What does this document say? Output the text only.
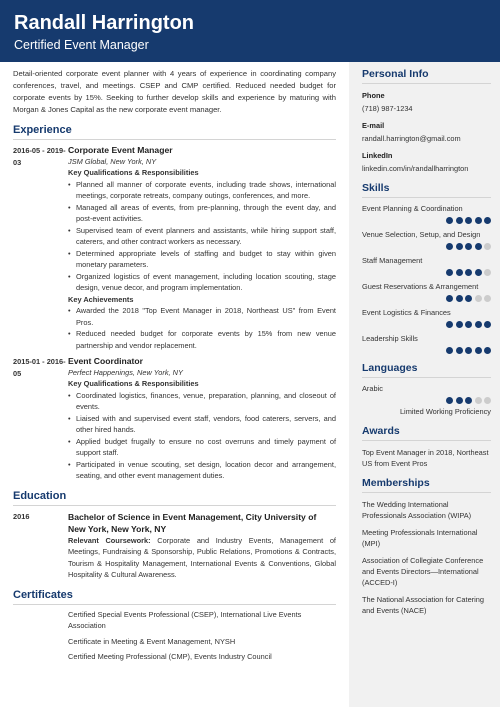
Randall Harrington
Certified Event Manager

Detail-oriented corporate event planner with 4 years of experience in coordinating company conferences, travel, and meetings. CSEP and CMP certified. Reduced needed budget for corporate events by 15%. Seeking to further develop skills and experience by maturing with Morgan & Jones Capital as the new corporate event manager.

Experience
2016-05 - 2019-03
Corporate Event Manager
JSM Global, New York, NY
Key Qualifications & Responsibilities
• Planned all manner of corporate events, including trade shows, international meetings, corporate retreats, company outings, conferences, and more.
• Managed all areas of events, from pre-planning, through the event day, and post-event activities.
• Supervised team of event planners and assistants, while hiring support staff, caterers, and other contract workers as necessary.
• Determined appropriate levels of staffing and budget to stay within given monetary parameters.
• Organized logistics of event management, including location scouting, stage design, venue decor, and program implementation.
Key Achievements
• Awarded the 2018 "Top Event Manager in 2018, Northeast US" from Event Pros.
• Reduced needed budget for corporate events by 15% from new venue partnership and vendor replacement.
2015-01 - 2016-05
Event Coordinator
Perfect Happenings, New York, NY
Key Qualifications & Responsibilities
• Coordinated logistics, finances, venue, preparation, planning, and closeout of events.
• Liaised with and supervised event staff, vendors, food caterers, servers, and other hired hands.
• Applied budget frugally to ensure no cost overruns and timely payment of support staff.
• Participated in venue scouting, set design, location decor and arrangement, seating, and other event management duties.
Education
2016	Bachelor of Science in Event Management, City University of New York, New York, NY
Relevant Coursework: Corporate and Industry Events, Management of Meetings, Fundraising & Sponsorship, Public Relations, Promotions & Contracts, Tourism & Hospitality Management, International Events & Conventions, Global Hospitality & Cultural Awareness.
Certificates
Certified Special Events Professional (CSEP), International Live Events Association
Certificate in Meeting & Event Management, NYSH
Certified Meeting Professional (CMP), Events Industry Council
Personal Info
Phone
(718) 987-1234
E-mail
randall.harrington@gmail.com
LinkedIn
linkedin.com/in/randallharrington
Skills
Event Planning & Coordination
Venue Selection, Setup, and Design
Staff Management
Guest Reservations & Arrangement
Event Logistics & Finances
Leadership Skills
Languages
Arabic
Limited Working Proficiency
Awards
Top Event Manager in 2018, Northeast US from Event Pros
Memberships
The Wedding International Professionals Association (WIPA)
Meeting Professionals International (MPI)
Association of Collegiate Conference and Events Directors—International (ACCED-I)
The National Association for Catering and Events (NACE)
